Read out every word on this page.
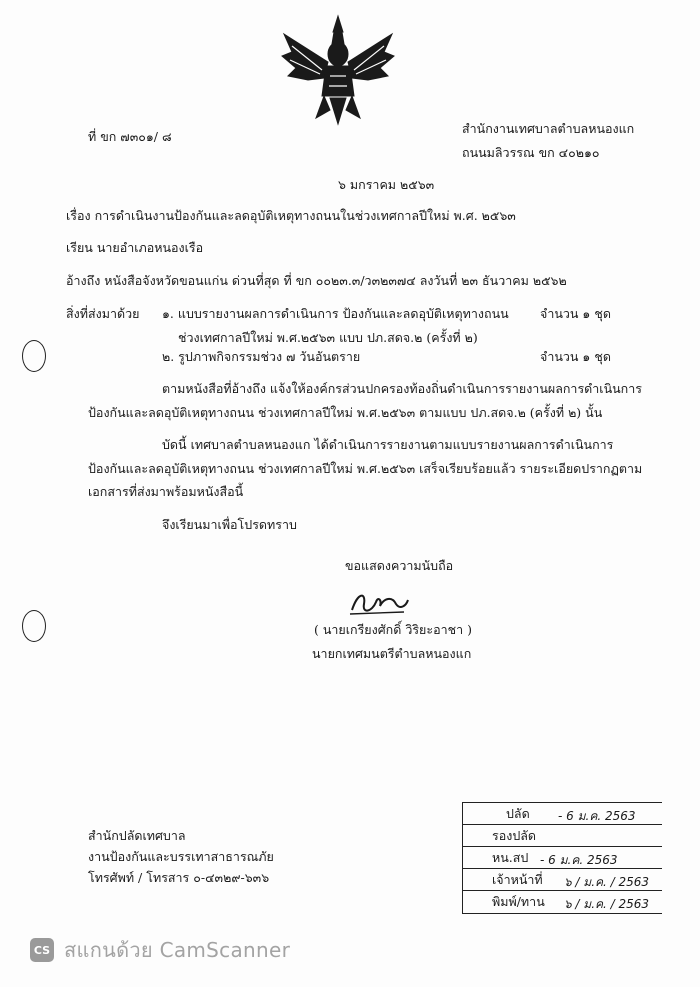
ที่ ขก ๗๓๐๑/ ๘
สำนักงานเทศบาลตำบลหนองแก
ถนนมลิวรรณ ขก ๔๐๒๑๐
๖ มกราคม ๒๕๖๓
เรื่อง การดำเนินงานป้องกันและลดอุบัติเหตุทางถนนในช่วงเทศกาลปีใหม่ พ.ศ. ๒๕๖๓
เรียน นายอำเภอหนองเรือ
อ้างถึง หนังสือจังหวัดขอนแก่น ด่วนที่สุด ที่ ขก ๐๐๒๓.๓/ว๓๒๓๗๔ ลงวันที่ ๒๓ ธันวาคม ๒๕๖๒
สิ่งที่ส่งมาด้วย ๑. แบบรายงานผลการดำเนินการ ป้องกันและลดอุบัติเหตุทางถนน
ช่วงเทศกาลปีใหม่ พ.ศ.๒๕๖๓ แบบ ปภ.สดจ.๒ (ครั้งที่ ๒)
จำนวน ๑ ชุด
๒. รูปภาพกิจกรรมช่วง ๗ วันอันตราย	จำนวน ๑ ชุด
ตามหนังสือที่อ้างถึง แจ้งให้องค์กรส่วนปกครองท้องถิ่นดำเนินการรายงานผลการดำเนินการ
ป้องกันและลดอุบัติเหตุทางถนน ช่วงเทศกาลปีใหม่ พ.ศ.๒๕๖๓ ตามแบบ ปภ.สดจ.๒ (ครั้งที่ ๒) นั้น
บัดนี้ เทศบาลตำบลหนองแก ได้ดำเนินการรายงานตามแบบรายงานผลการดำเนินการ
ป้องกันและลดอุบัติเหตุทางถนน ช่วงเทศกาลปีใหม่ พ.ศ.๒๕๖๓ เสร็จเรียบร้อยแล้ว รายระเอียดปรากฏตาม
เอกสารที่ส่งมาพร้อมหนังสือนี้
จึงเรียนมาเพื่อโปรดทราบ
ขอแสดงความนับถือ
( นายเกรียงศักดิ์ วิริยะอาชา )
นายกเทศมนตรีตำบลหนองแก
สำนักปลัดเทศบาล
งานป้องกันและบรรเทาสาธารณภัย
โทรศัพท์ / โทรสาร ๐-๔๓๒๙-๖๓๖
ปลัด - 6 ม.ค. 2563
รองปลัด
หน.สป - 6 ม.ค. 2563
เจ้าหน้าที่ ๖ / ม.ค. / 2563
พิมพ์/ทาน ๖ / ม.ค. / 2563
CS สแกนด้วย CamScanner
